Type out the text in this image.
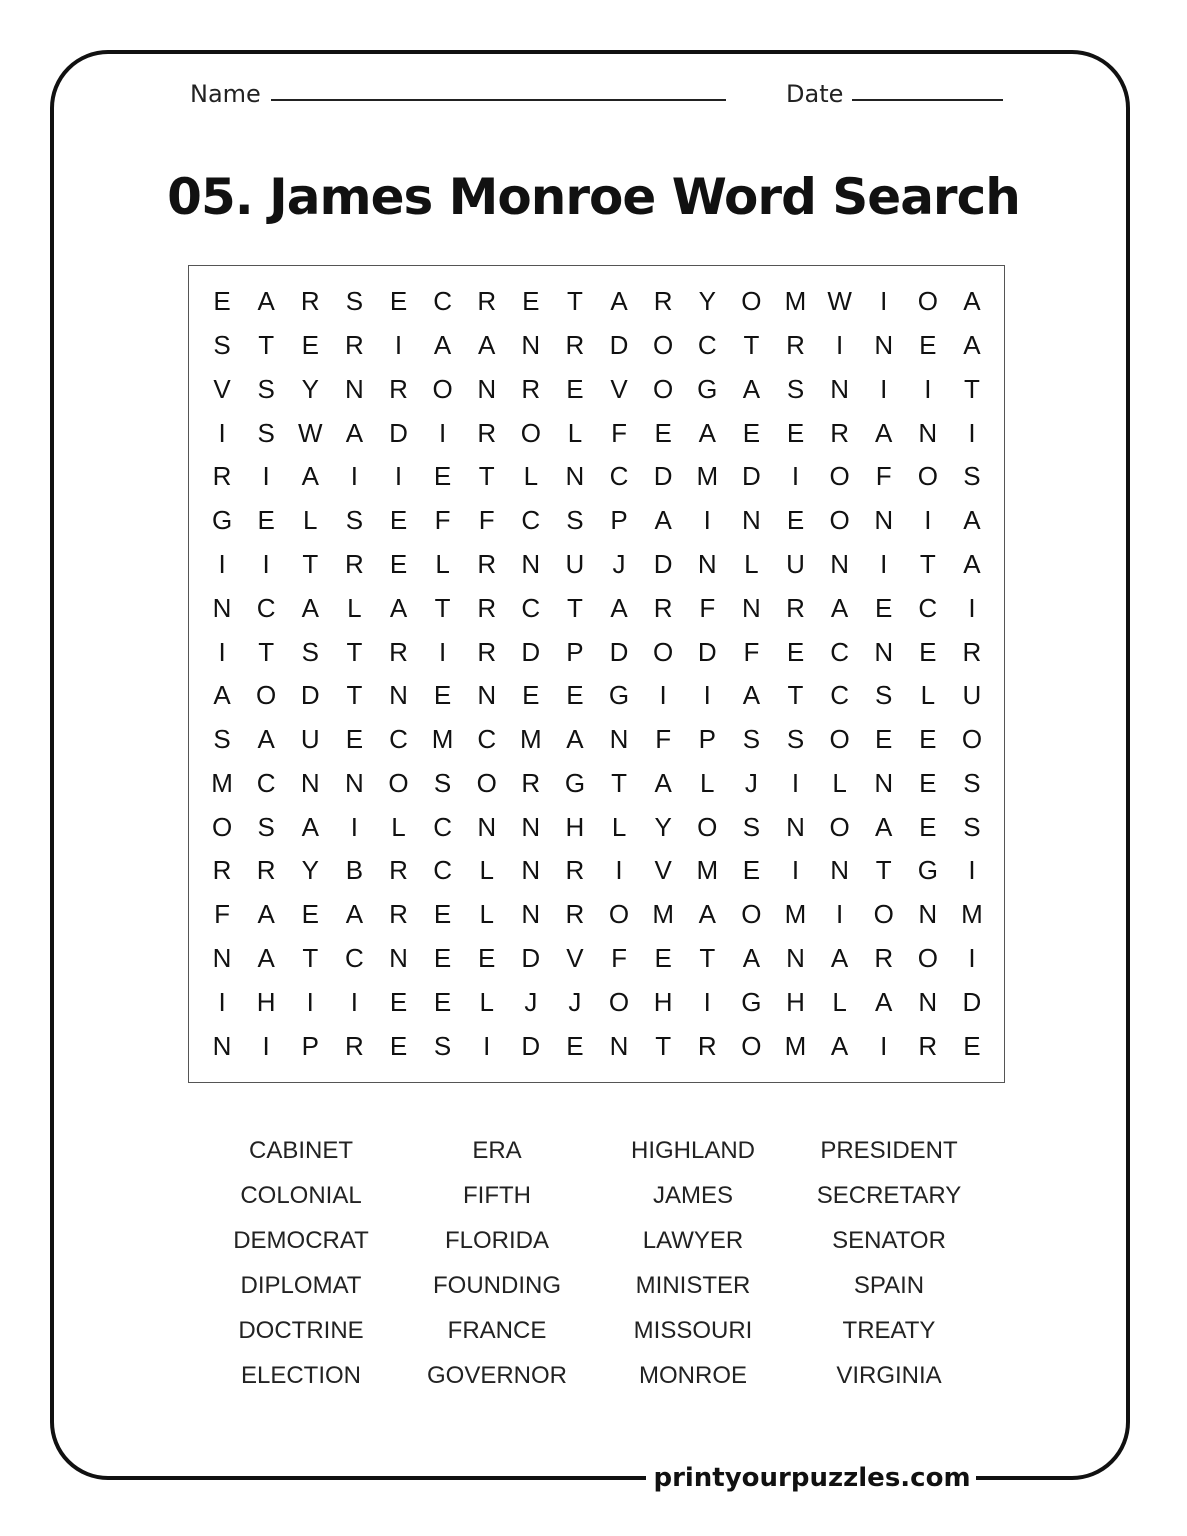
Name	Date
05. James Monroe Word Search
E	A	R	S	E	C R	E	T	A	R	Y O M W	I	O A
S	T	E	R	I	A	A	N R D O C	T	R	I	N	E	A
V	S	Y	N R O N R	E	V O G A	S	N	I	I	T
I	S W A	D	I	R O	L	F	E	A	E	E	R	A	N	I
R	I	A	I	I	E	T	L	N C D M D	I	O	F	O S
G E	L	S	E	F	F	C	S	P	A	I	N	E O N	I	A
I	I	T	R	E	L	R N U	J	D N	L	U N	I	T	A
N C	A	L	A	T	R C	T	A	R	F	N R	A	E	C	I
I	T	S	T	R	I	R D	P	D O D	F	E	C N	E	R
A O D	T	N	E	N	E	E G	I	I	A	T	C	S	L	U
S	A	U	E	C M C M A	N	F	P	S	S O E	E O
M C N N O S O R G	T	A	L	J	I	L	N	E	S
O S	A	I	L	C N N H	L	Y O S	N O A	E	S
R R	Y	B	R C	L	N R	I	V M E	I	N	T	G	I
F	A	E	A	R	E	L	N R O M A O M	I	O N M
N	A	T	C N	E	E	D	V	F	E	T	A	N	A	R O	I
I	H	I	I	E	E	L	J	J	O H	I	G H	L	A	N D
N	I	P	R	E	S	I	D	E	N	T	R O M A	I	R	E
CABINET
COLONIAL
DEMOCRAT
DIPLOMAT
DOCTRINE
ELECTION
ERA
FIFTH
FLORIDA
FOUNDING
FRANCE
GOVERNOR
HIGHLAND
JAMES
LAWYER
MINISTER
MISSOURI
MONROE
PRESIDENT
SECRETARY
SENATOR
SPAIN
TREATY
VIRGINIA
printyourpuzzles.com
